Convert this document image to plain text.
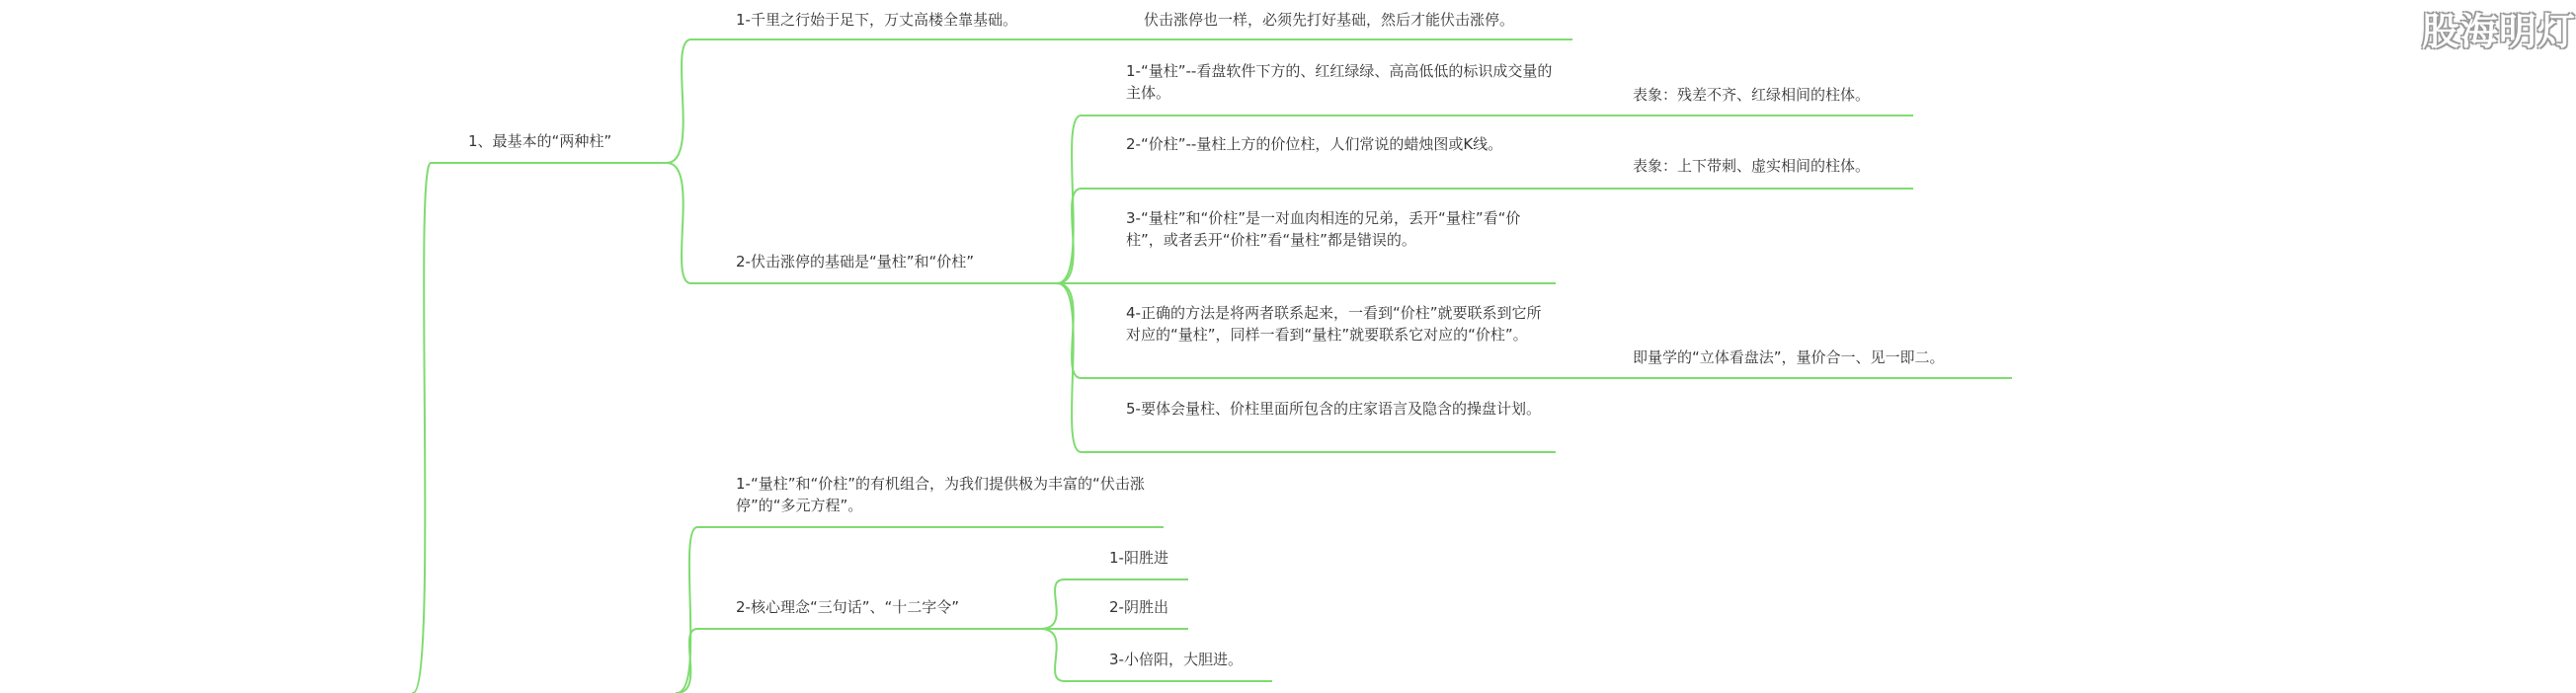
1、最基本的“两种柱”
1-千里之行始于足下，万丈高楼全靠基础。	伏击涨停也一样，必须先打好基础，然后才能伏击涨停。
2-伏击涨停的基础是“量柱”和“价柱”
1-“量柱”--看盘软件下方的、红红绿绿、高高低低的标识成交量的主体。	表象：残差不齐、红绿相间的柱体。
2-“价柱”--量柱上方的价位柱，人们常说的蜡烛图或K线。
表象：上下带刺、虚实相间的柱体。
3-“量柱”和“价柱”是一对血肉相连的兄弟，丢开“量柱”看“价柱”，或者丢开“价柱”看“量柱”都是错误的。
4-正确的方法是将两者联系起来，一看到“价柱”就要联系到它所对应的“量柱”，同样一看到“量柱”就要联系它对应的“价柱”。
即量学的“立体看盘法”，量价合一、见一即二。
5-要体会量柱、价柱里面所包含的庄家语言及隐含的操盘计划。
1-“量柱”和“价柱”的有机组合，为我们提供极为丰富的“伏击涨停”的“多元方程”。
2-核心理念“三句话”、“十二字令”
1-阳胜进
2-阴胜出
3-小倍阳，大胆进。
股海明灯
